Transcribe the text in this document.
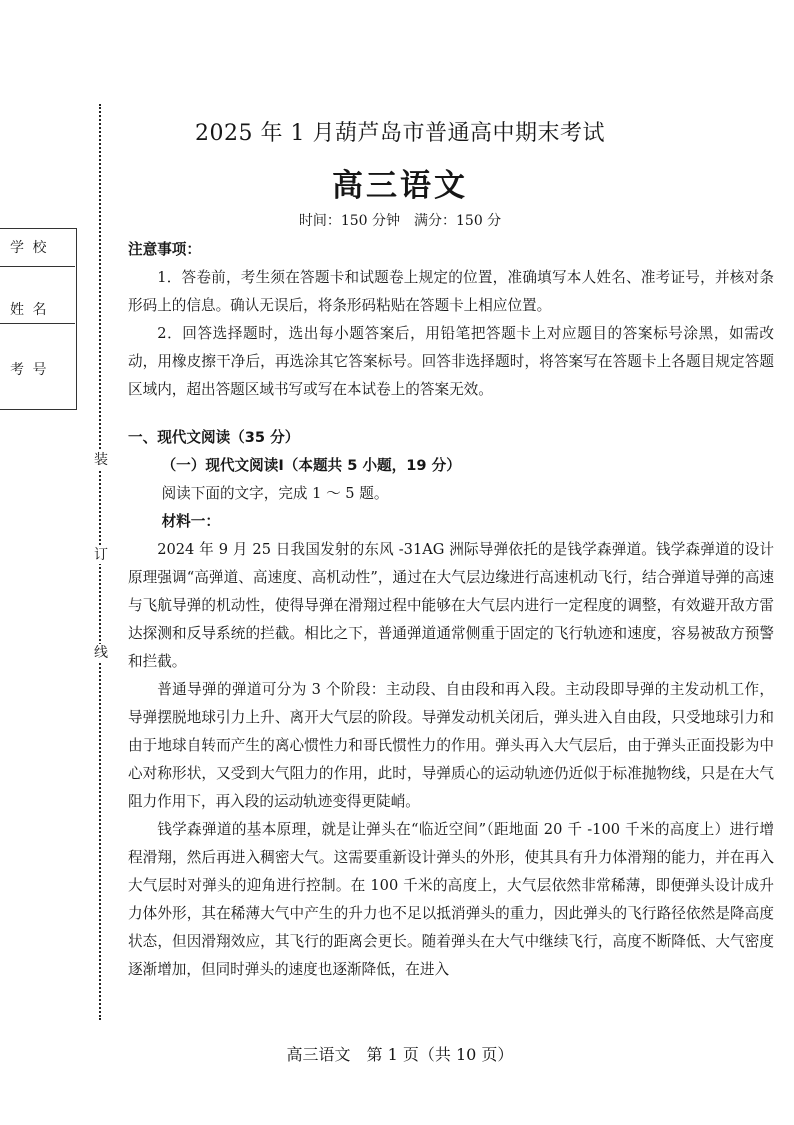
装
订
线
学 校
姓 名
考 号
2025 年 1 月葫芦岛市普通高中期末考试
高三语文
时间：150 分钟　满分：150 分

注意事项：

1．答卷前，考生须在答题卡和试题卷上规定的位置，准确填写本人姓名、准考证号，并核对条形码上的信息。确认无误后，将条形码粘贴在答题卡上相应位置。

2．回答选择题时，选出每小题答案后，用铅笔把答题卡上对应题目的答案标号涂黑，如需改动，用橡皮擦干净后，再选涂其它答案标号。回答非选择题时，将答案写在答题卡上各题目规定答题区域内，超出答题区域书写或写在本试卷上的答案无效。

一、现代文阅读（35 分）

（一）现代文阅读Ⅰ（本题共 5 小题，19 分）

阅读下面的文字，完成 1 ～ 5 题。

材料一：

2024 年 9 月 25 日我国发射的东风 -31AG 洲际导弹依托的是钱学森弹道。钱学森弹道的设计原理强调“高弹道、高速度、高机动性”，通过在大气层边缘进行高速机动飞行，结合弹道导弹的高速与飞航导弹的机动性，使得导弹在滑翔过程中能够在大气层内进行一定程度的调整，有效避开敌方雷达探测和反导系统的拦截。相比之下，普通弹道通常侧重于固定的飞行轨迹和速度，容易被敌方预警和拦截。

普通导弹的弹道可分为 3 个阶段：主动段、自由段和再入段。主动段即导弹的主发动机工作，导弹摆脱地球引力上升、离开大气层的阶段。导弹发动机关闭后，弹头进入自由段，只受地球引力和由于地球自转而产生的离心惯性力和哥氏惯性力的作用。弹头再入大气层后，由于弹头正面投影为中心对称形状，又受到大气阻力的作用，此时，导弹质心的运动轨迹仍近似于标准抛物线，只是在大气阻力作用下，再入段的运动轨迹变得更陡峭。

钱学森弹道的基本原理，就是让弹头在“临近空间”（距地面 20 千 -100 千米的高度上）进行增程滑翔，然后再进入稠密大气。这需要重新设计弹头的外形，使其具有升力体滑翔的能力，并在再入大气层时对弹头的迎角进行控制。在 100 千米的高度上，大气层依然非常稀薄，即便弹头设计成升力体外形，其在稀薄大气中产生的升力也不足以抵消弹头的重力，因此弹头的飞行路径依然是降高度状态，但因滑翔效应，其飞行的距离会更长。随着弹头在大气中继续飞行，高度不断降低、大气密度逐渐增加，但同时弹头的速度也逐渐降低，在进入

高三语文　第 1 页（共 10 页）
